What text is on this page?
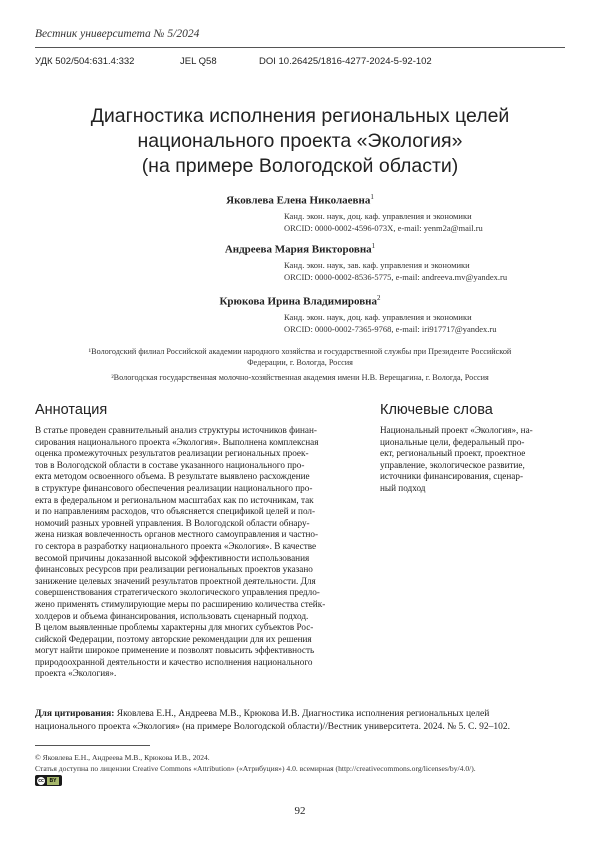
Вестник университета № 5/2024
УДК 502/504:631.4:332	JEL Q58	DOI 10.26425/1816-4277-2024-5-92-102
Диагностика исполнения региональных целей
национального проекта «Экология»
(на примере Вологодской области)
Яковлева Елена Николаевна$^1$
Канд. экон. наук, доц. каф. управления и экономики
ORCID: 0000-0002-4596-073X, e-mail: yenm2a@mail.ru
Андреева Мария Викторовна$^1$
Канд. экон. наук, зав. каф. управления и экономики
ORCID: 0000-0002-8536-5775, e-mail: andreeva.mv@yandex.ru
Крюкова Ирина Владимировна$^2$
Канд. экон. наук, доц. каф. управления и экономики
ORCID: 0000-0002-7365-9768, e-mail: iri917717@yandex.ru
¹Вологодский филиал Российской академии народного хозяйства и государственной службы при Президенте Российской
Федерации, г. Вологда, Россия
²Вологодская государственная молочно-хозяйственная академия имени Н.В. Верещагина, г. Вологда, Россия
Аннотация	Ключевые слова
В статье проведен сравнительный анализ структуры источников финан-
сирования национального проекта «Экология». Выполнена комплексная
оценка промежуточных результатов реализации региональных проек-
тов в Вологодской области в составе указанного национального про-
екта методом освоенного объема. В результате выявлено расхождение
в структуре финансового обеспечения реализации национального про-
екта в федеральном и региональном масштабах как по источникам, так
и по направлениям расходов, что объясняется спецификой целей и пол-
номочий разных уровней управления. В Вологодской области обнару-
жена низкая вовлеченность органов местного самоуправления и частно-
го сектора в разработку национального проекта «Экология». В качестве
весомой причины доказанной высокой эффективности использования
финансовых ресурсов при реализации региональных проектов указано
занижение целевых значений результатов проектной деятельности. Для
совершенствования стратегического экологического управления предло-
жено применять стимулирующие меры по расширению количества стейк-
холдеров и объема финансирования, использовать сценарный подход.
В целом выявленные проблемы характерны для многих субъектов Рос-
сийской Федерации, поэтому авторские рекомендации для их решения
могут найти широкое применение и позволят повысить эффективность
природоохранной деятельности и качество исполнения национального
проекта «Экология».
Национальный проект «Экология», на-
циональные цели, федеральный про-
ект, региональный проект, проектное
управление, экологическое развитие,
источники финансирования, сценар-
ный подход
Для цитирования: Яковлева Е.Н., Андреева М.В., Крюкова И.В. Диагностика исполнения региональных целей
национального проекта «Экология» (на примере Вологодской области)//Вестник университета. 2024. № 5. С. 92–102.
© Яковлева Е.Н., Андреева М.В., Крюкова И.В., 2024.
Статья доступна по лицензии Creative Commons «Attribution» («Атрибуция») 4.0. всемирная (http://creativecommons.org/licenses/by/4.0/).
cc	BY
92
